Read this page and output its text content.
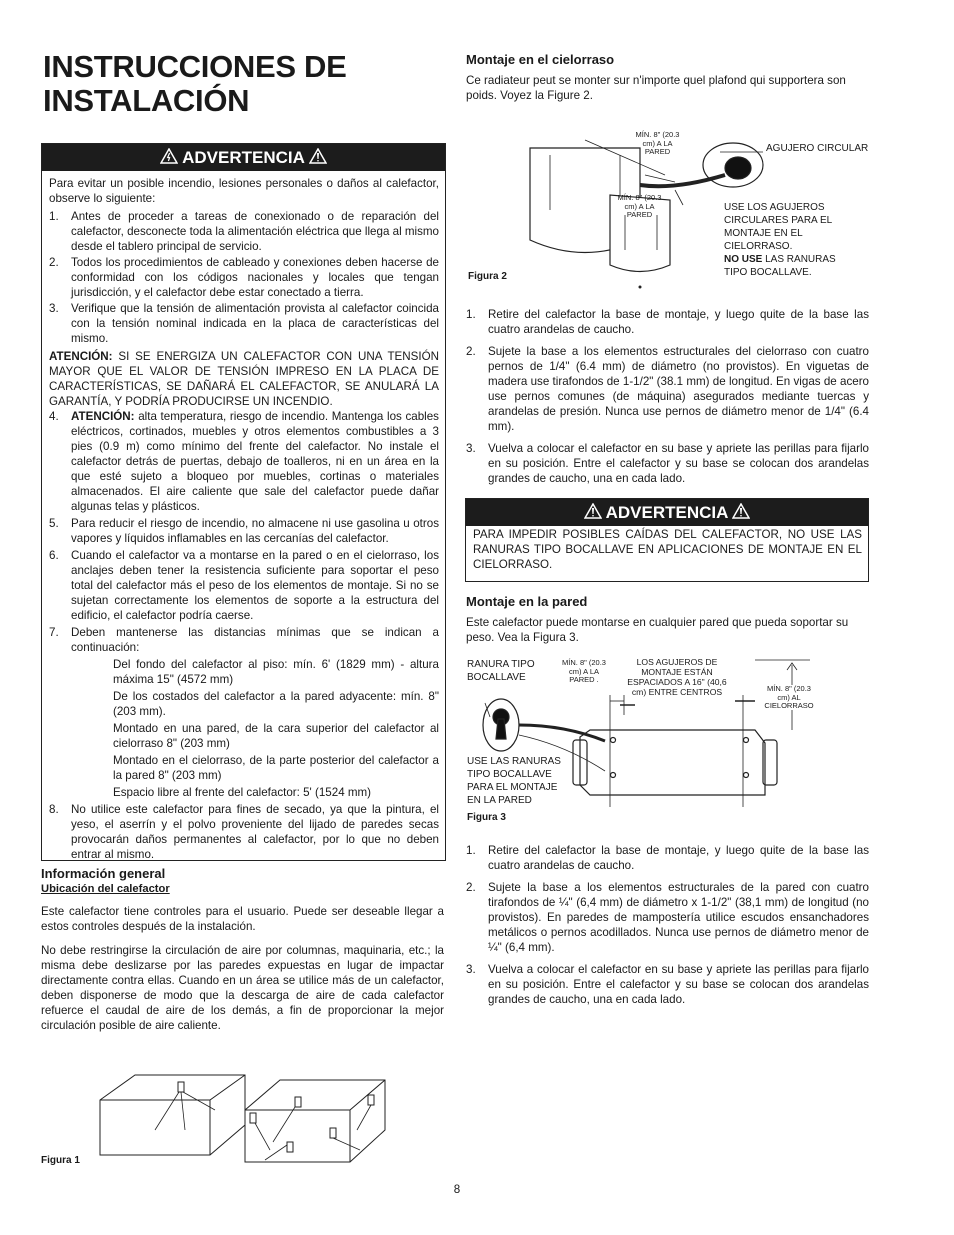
INSTRUCCIONES DE INSTALACIÓN
ADVERTENCIA

Para evitar un posible incendio, lesiones personales o daños al calefactor, observe lo siguiente:

1. Antes de proceder a tareas de conexionado o de reparación del calefactor, desconecte toda la alimentación eléctrica que llega al mismo desde el tablero principal de servicio.
2. Todos los procedimientos de cableado y conexiones deben hacerse de conformidad con los códigos nacionales y locales que tengan jurisdicción, y el calefactor debe estar conectado a tierra.
3. Verifique que la tensión de alimentación provista al calefactor coincida con la tensión nominal indicada en la placa de características del mismo.

ATENCIÓN: SI SE ENERGIZA UN CALEFACTOR CON UNA TENSIÓN MAYOR QUE EL VALOR DE TENSIÓN IMPRESO EN LA PLACA DE CARACTERÍSTICAS, SE DAÑARÁ EL CALEFACTOR, SE ANULARÁ LA GARANTÍA, Y PODRÍA PRODUCIRSE UN INCENDIO.

4. ATENCIÓN: alta temperatura, riesgo de incendio. Mantenga los cables eléctricos, cortinados, muebles y otros elementos combustibles a 3 pies (0.9 m) como mínimo del frente del calefactor. No instale el calefactor detrás de puertas, debajo de toalleros, ni en un área en la que esté sujeto a bloqueo por muebles, cortinas o materiales almacenados. El aire caliente que sale del calefactor puede dañar algunas telas y plásticos.
5. Para reducir el riesgo de incendio, no almacene ni use gasolina u otros vapores y líquidos inflamables en las cercanías del calefactor.
6. Cuando el calefactor va a montarse en la pared o en el cielorraso, los anclajes deben tener la resistencia suficiente para soportar el peso total del calefactor más el peso de los elementos de montaje. Si no se sujetan correctamente los elementos de soporte a la estructura del edificio, el calefactor podría caerse.
7. Deben mantenerse las distancias mínimas que se indican a continuación:
Del fondo del calefactor al piso: mín. 6' (1829 mm) - altura máxima 15" (4572 mm)
De los costados del calefactor a la pared adyacente: mín. 8" (203 mm).
Montado en una pared, de la cara superior del calefactor al cielorraso 8" (203 mm)
Montado en el cielorraso, de la parte posterior del calefactor a la pared 8" (203 mm)
Espacio libre al frente del calefactor: 5' (1524 mm)
8. No utilice este calefactor para fines de secado, ya que la pintura, el yeso, el aserrín y el polvo proveniente del lijado de paredes secas provocarán daños permanentes al calefactor, por lo que no deben entrar al mismo.
Información general
Ubicación del calefactor

Este calefactor tiene controles para el usuario. Puede ser deseable llegar a estos controles después de la instalación.

No debe restringirse la circulación de aire por columnas, maquinaria, etc.; la misma debe deslizarse por las paredes expuestas en lugar de impactar directamente contra ellas. Cuando en un área se utilice más de un calefactor, deben disponerse de modo que la descarga de aire de cada calefactor refuerce el caudal de aire de los demás, a fin de proporcionar la mejor circulación posible de aire caliente.

Figura 1
Montaje en el cielorraso

Ce radiateur peut se monter sur n'importe quel plafond qui supportera son poids. Voyez la Figure 2.

MÍN. 8" (20.3 cm) A LA PARED
MÍN. 8" (20.3 cm) A LA PARED
AGUJERO CIRCULAR
USE LOS AGUJEROS CIRCULARES PARA EL MONTAJE EN EL CIELORRASO.
NO USE LAS RANURAS TIPO BOCALLAVE.
Figura 2
1. Retire del calefactor la base de montaje, y luego quite de la base las cuatro arandelas de caucho.
2. Sujete la base a los elementos estructurales del cielorraso con cuatro pernos de 1/4" (6.4 mm) de diámetro (no provistos). En viguetas de madera use tirafondos de 1-1/2" (38.1 mm) de longitud. En vigas de acero use pernos comunes (de máquina) asegurados mediante tuercas y arandelas de presión. Nunca use pernos de diámetro menor de 1/4" (6.4 mm).
3. Vuelva a colocar el calefactor en su base y apriete las perillas para fijarlo en su posición. Entre el calefactor y su base se colocan dos arandelas grandes de caucho, una en cada lado.
ADVERTENCIA

PARA IMPEDIR POSIBLES CAÍDAS DEL CALEFACTOR, NO USE LAS RANURAS TIPO BOCALLAVE EN APLICACIONES DE MONTAJE EN EL CIELORRASO.

Montaje en la pared

Este calefactor puede montarse en cualquier pared que pueda soportar su peso. Vea la Figura 3.

RANURA TIPO BOCALLAVE
MÍN. 8" (20.3 cm) A LA PARED .
LOS AGUJEROS DE MONTAJE ESTÁN ESPACIADOS A 16" (40,6 cm) ENTRE CENTROS	MÍN. 8" (20.3 cm) AL CIELORRASO
USE LAS RANURAS TIPO BOCALLAVE PARA EL MONTAJE EN LA PARED
Figura 3
1. Retire del calefactor la base de montaje, y luego quite de la base las cuatro arandelas de caucho.
2. Sujete la base a los elementos estructurales de la pared con cuatro tirafondos de ¼" (6,4 mm) de diámetro x 1-1/2" (38,1 mm) de longitud (no provistos). En paredes de mampostería utilice escudos ensanchadores metálicos o pernos acodillados. Nunca use pernos de diámetro menor de ¼" (6,4 mm).
3. Vuelva a colocar el calefactor en su base y apriete las perillas para fijarlo en su posición. Entre el calefactor y su base se colocan dos arandelas grandes de caucho, una en cada lado.
8
